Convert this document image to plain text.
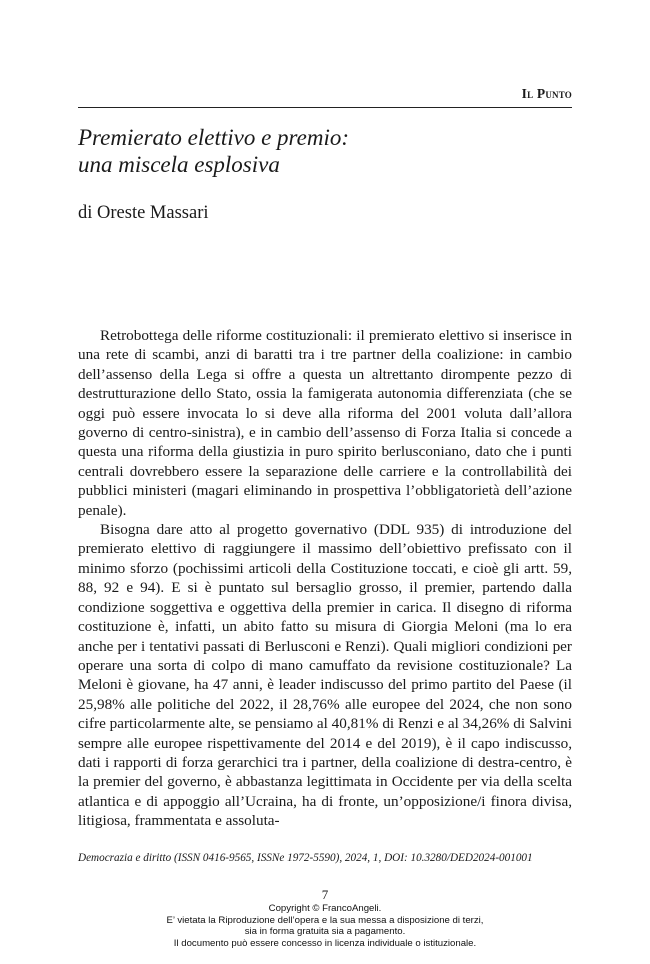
Il Punto
Premierato elettivo e premio:
una miscela esplosiva
di Oreste Massari

Retrobottega delle riforme costituzionali: il premierato elettivo si inserisce in una rete di scambi, anzi di baratti tra i tre partner della coalizione: in cambio dell’assenso della Lega si offre a questa un altrettanto dirompente pezzo di destrutturazione dello Stato, ossia la famigerata autonomia differenziata (che se oggi può essere invocata lo si deve alla riforma del 2001 voluta dall’allora governo di centro-sinistra), e in cambio dell’assenso di Forza Italia si concede a questa una riforma della giustizia in puro spirito berlusconiano, dato che i punti centrali dovrebbero essere la separazione delle carriere e la controllabilità dei pubblici ministeri (magari eliminando in prospettiva l’obbligatorietà dell’azione penale).

Bisogna dare atto al progetto governativo (DDL 935) di introduzione del premierato elettivo di raggiungere il massimo dell’obiettivo prefissato con il minimo sforzo (pochissimi articoli della Costituzione toccati, e cioè gli artt. 59, 88, 92 e 94). E si è puntato sul bersaglio grosso, il premier, partendo dalla condizione soggettiva e oggettiva della premier in carica. Il disegno di riforma costituzione è, infatti, un abito fatto su misura di Giorgia Meloni (ma lo era anche per i tentativi passati di Berlusconi e Renzi). Quali migliori condizioni per operare una sorta di colpo di mano camuffato da revisione costituzionale? La Meloni è giovane, ha 47 anni, è leader indiscusso del primo partito del Paese (il 25,98% alle politiche del 2022, il 28,76% alle europee del 2024, che non sono cifre particolarmente alte, se pensiamo al 40,81% di Renzi e al 34,26% di Salvini sempre alle europee rispettivamente del 2014 e del 2019), è il capo indiscusso, dati i rapporti di forza gerarchici tra i partner, della coalizione di destra-centro, è la premier del governo, è abbastanza legittimata in Occidente per via della scelta atlantica e di appoggio all’Ucraina, ha di fronte, un’opposizione/i finora divisa, litigiosa, frammentata e assoluta-

Democrazia e diritto (ISSN 0416-9565, ISSNe 1972-5590), 2024, 1, DOI: 10.3280/DED2024-001001
7
Copyright © FrancoAngeli.
E’ vietata la Riproduzione dell’opera e la sua messa a disposizione di terzi,
sia in forma gratuita sia a pagamento.
Il documento può essere concesso in licenza individuale o istituzionale.
